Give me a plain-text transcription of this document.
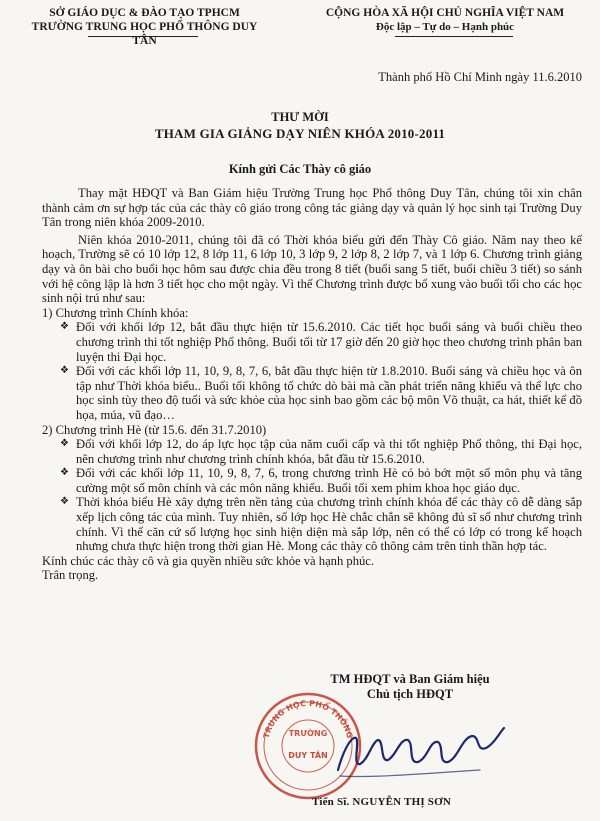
SỞ GIÁO DỤC & ĐÀO TẠO TPHCM
TRƯỜNG TRUNG HỌC PHỔ THÔNG DUY TÂN
CỘNG HÒA XÃ HỘI CHỦ NGHĨA VIỆT NAM
Độc lập – Tự do – Hạnh phúc
Thành phố Hồ Chí Minh ngày 11.6.2010
THƯ MỜI
THAM GIA GIẢNG DẠY NIÊN KHÓA 2010-2011
Kính gửi Các Thày cô giáo

Thay mặt HĐQT và Ban Giám hiệu Trường Trung học Phổ thông Duy Tân, chúng tôi xin chân thành cảm ơn sự hợp tác của các thày cô giáo trong công tác giảng dạy và quản lý học sinh tại Trường Duy Tân trong niên khóa 2009-2010.

Niên khóa 2010-2011, chúng tôi đã có Thời khóa biểu gửi đến Thày Cô giáo. Năm nay theo kế hoạch, Trường sẽ có 10 lớp 12, 8 lớp 11, 6 lớp 10, 3 lớp 9, 2 lớp 8, 2 lớp 7, và 1 lớp 6. Chương trình giảng dạy và ôn bài cho buổi học hôm sau được chia đều trong 8 tiết (buổi sang 5 tiết, buổi chiều 3 tiết) so sánh với hệ công lập là hơn 3 tiết học cho một ngày. Vì thế Chương trình được bổ xung vào buổi tối cho các học sinh nội trú như sau:

1) Chương trình Chính khóa:

❖ Đối với khối lớp 12, bắt đầu thực hiện từ 15.6.2010. Các tiết học buổi sáng và buổi chiều theo chương trình thi tốt nghiệp Phổ thông. Buổi tối từ 17 giờ đến 20 giờ học theo chương trình phân ban luyện thi Đại học.
❖ Đối với các khối lớp 11, 10, 9, 8, 7, 6, bắt đầu thực hiện từ 1.8.2010. Buổi sáng và chiều học và ôn tập như Thời khóa biểu.. Buổi tối không tổ chức dò bài mà cần phát triển năng khiếu và thể lực cho học sinh tùy theo độ tuổi và sức khỏe của học sinh bao gồm các bộ môn Võ thuật, ca hát, thiết kế đồ họa, múa, vũ đạo…

2) Chương trình Hè (từ 15.6. đến 31.7.2010)

❖ Đối với khối lớp 12, do áp lực học tập của năm cuối cấp và thi tốt nghiệp Phổ thông, thi Đại học, nên chương trình như chương trình chính khóa, bắt đầu từ 15.6.2010.
❖ Đối với các khối lớp 11, 10, 9, 8, 7, 6, trong chương trình Hè có bỏ bớt một số môn phụ và tăng cường một số môn chính và các môn năng khiếu. Buổi tối xem phim khoa học giáo dục.
❖ Thời khóa biểu Hè xây dựng trên nền tảng của chương trình chính khóa để các thày cô dễ dàng sắp xếp lịch công tác của mình. Tuy nhiên, số lớp học Hè chắc chắn sẽ không đủ sĩ số như chương trình chính. Vì thế căn cứ số lượng học sinh hiện diện mà sắp lớp, nên có thể có lớp có trong kế hoạch nhưng chưa thực hiện trong thời gian Hè. Mong các thày cô thông cảm trên tinh thần hợp tác.

Kính chúc các thày cô và gia quyền nhiều sức khỏe và hạnh phúc.

Trân trọng.

TM HĐQT và Ban Giám hiệu
Chủ tịch HĐQT
TRUNG HỌC PHỔ THÔNG
TRƯỜNG
DUY TÂN
Tiến Sĩ. NGUYỄN THỊ SƠN
